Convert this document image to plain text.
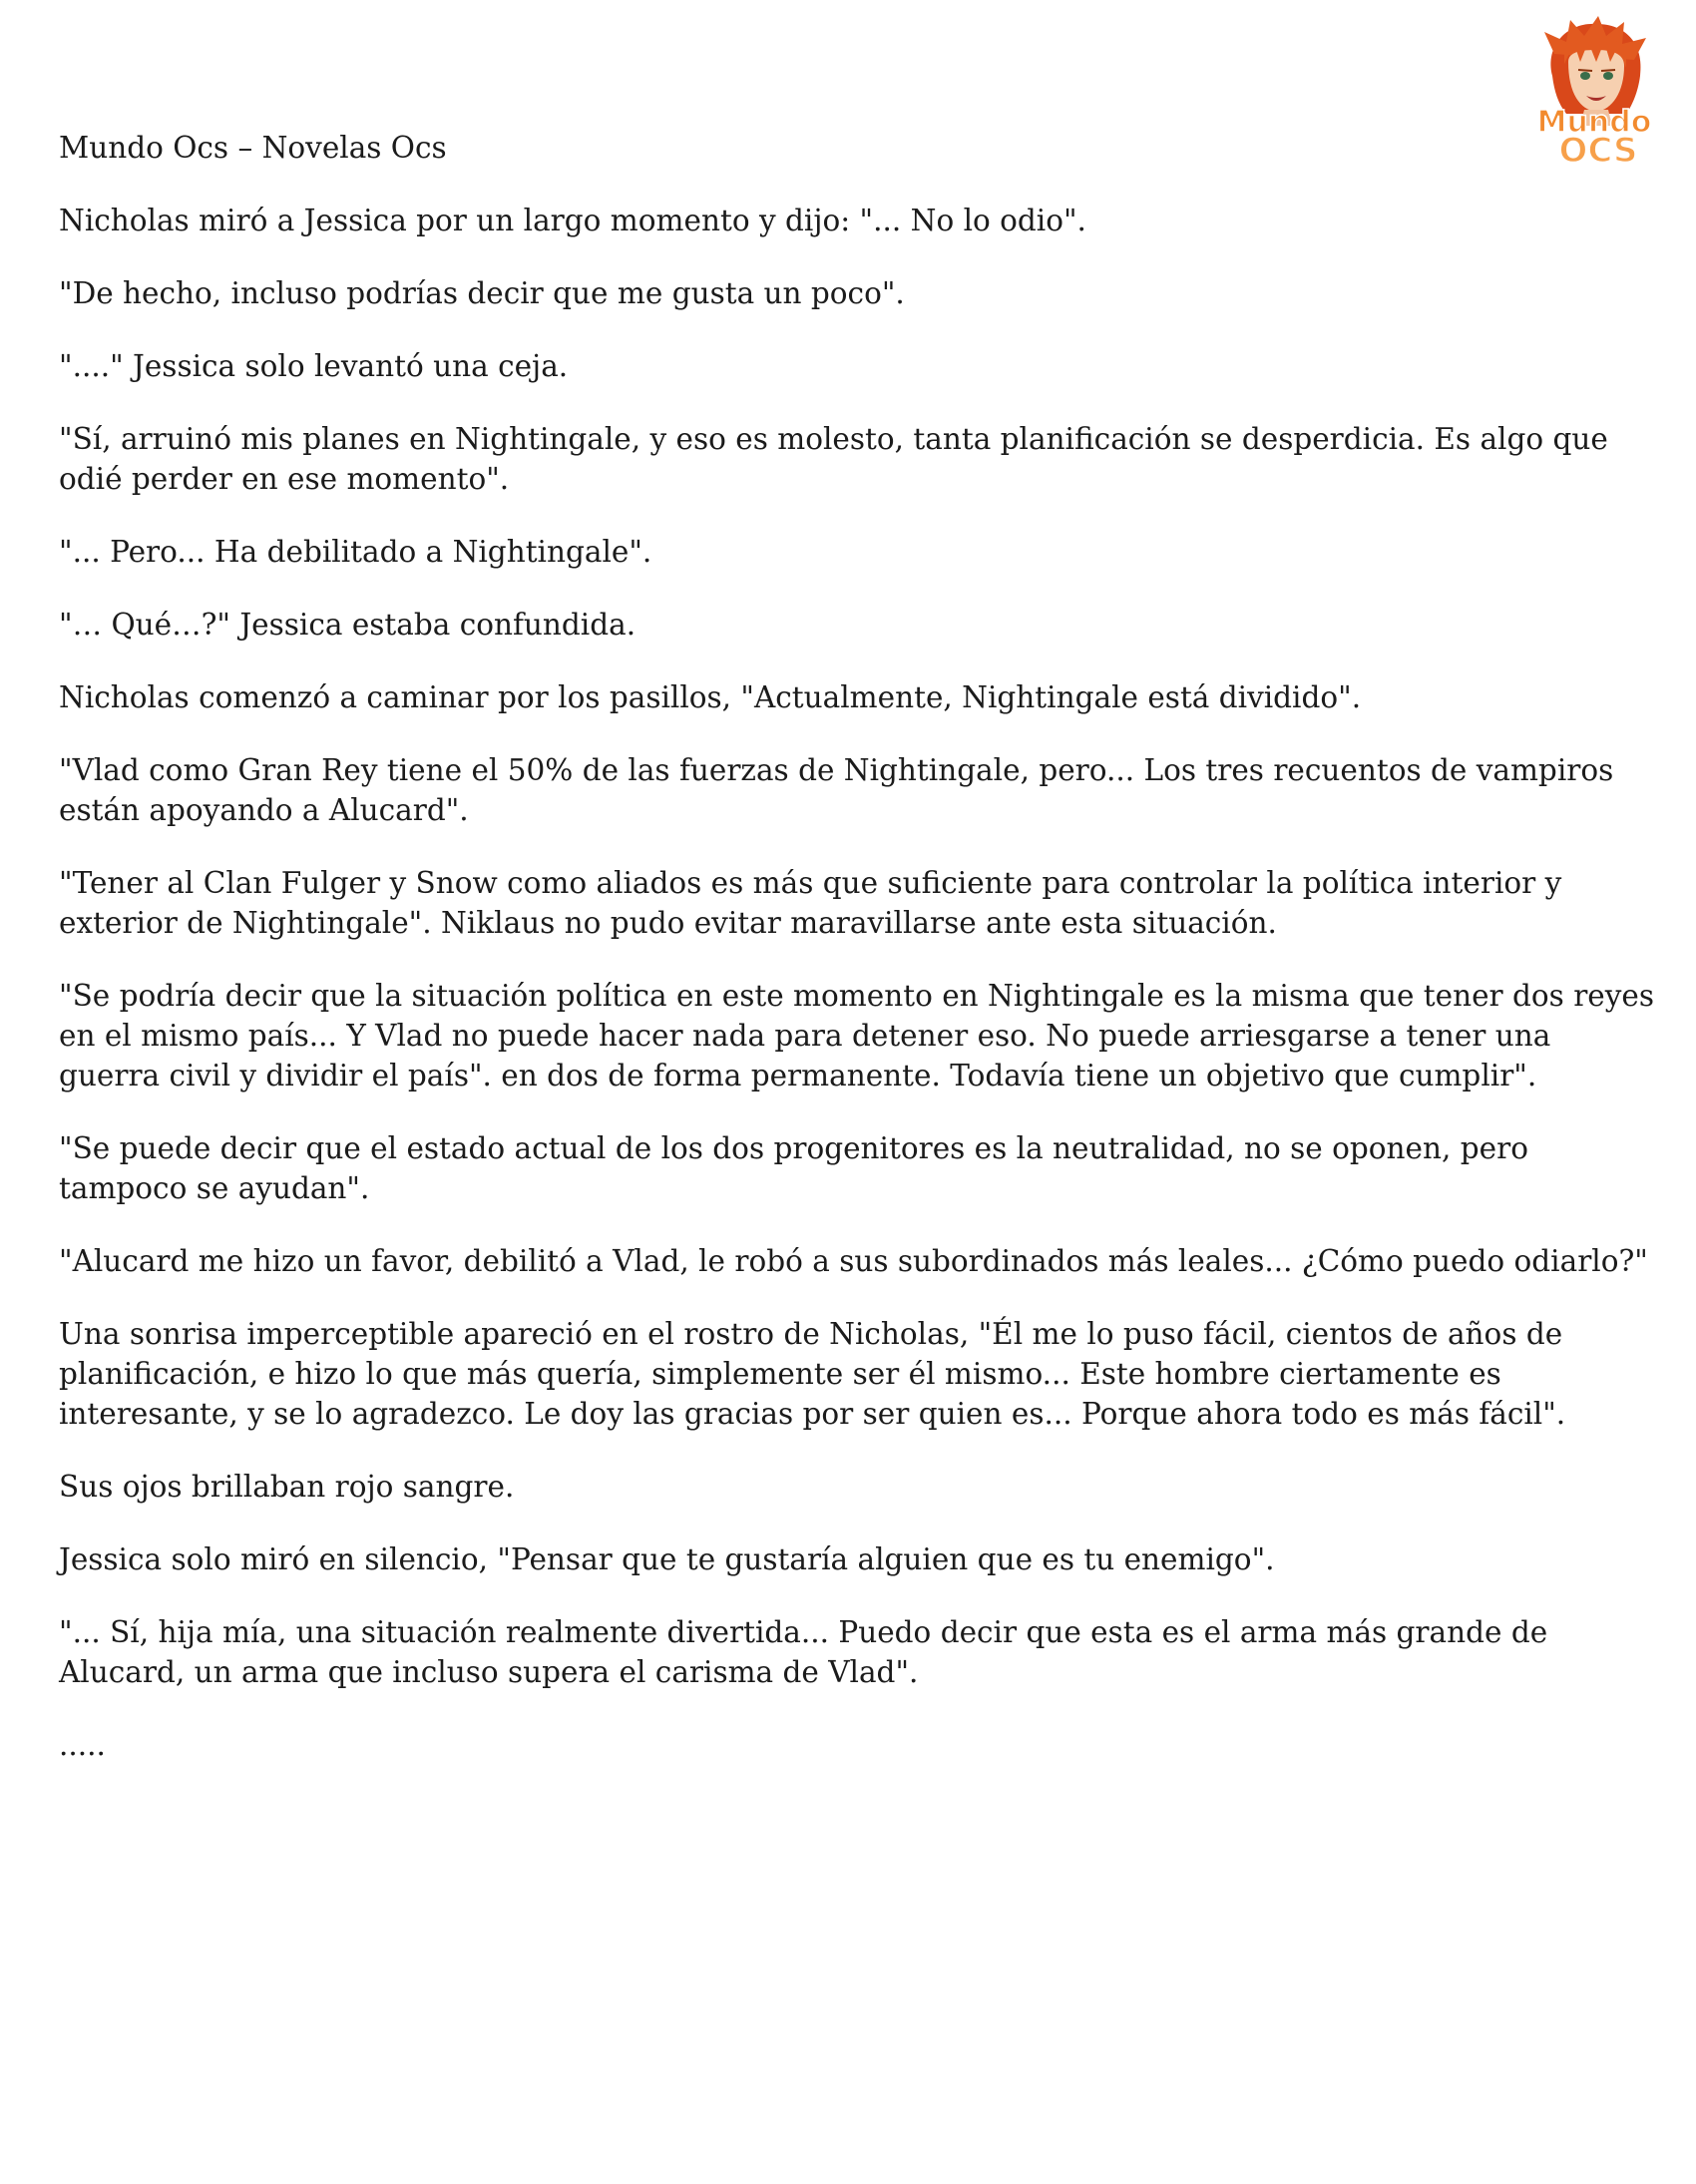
Mundo
OCS

Mundo Ocs – Novelas Ocs

Nicholas miró a Jessica por un largo momento y dijo: "... No lo odio".

"De hecho, incluso podrías decir que me gusta un poco".

"...." Jessica solo levantó una ceja.

"Sí, arruinó mis planes en Nightingale, y eso es molesto, tanta planificación se desperdicia. Es algo que odié perder en ese momento".

"... Pero... Ha debilitado a Nightingale".

"… Qué…?" Jessica estaba confundida.

Nicholas comenzó a caminar por los pasillos, "Actualmente, Nightingale está dividido".

"Vlad como Gran Rey tiene el 50% de las fuerzas de Nightingale, pero... Los tres recuentos de vampiros están apoyando a Alucard".

"Tener al Clan Fulger y Snow como aliados es más que suficiente para controlar la política interior y exterior de Nightingale". Niklaus no pudo evitar maravillarse ante esta situación.

"Se podría decir que la situación política en este momento en Nightingale es la misma que tener dos reyes en el mismo país... Y Vlad no puede hacer nada para detener eso. No puede arriesgarse a tener una guerra civil y dividir el país". en dos de forma permanente. Todavía tiene un objetivo que cumplir".

"Se puede decir que el estado actual de los dos progenitores es la neutralidad, no se oponen, pero tampoco se ayudan".

"Alucard me hizo un favor, debilitó a Vlad, le robó a sus subordinados más leales... ¿Cómo puedo odiarlo?"

Una sonrisa imperceptible apareció en el rostro de Nicholas, "Él me lo puso fácil, cientos de años de planificación, e hizo lo que más quería, simplemente ser él mismo... Este hombre ciertamente es interesante, y se lo agradezco. Le doy las gracias por ser quien es... Porque ahora todo es más fácil".

Sus ojos brillaban rojo sangre.

Jessica solo miró en silencio, "Pensar que te gustaría alguien que es tu enemigo".

"... Sí, hija mía, una situación realmente divertida... Puedo decir que esta es el arma más grande de Alucard, un arma que incluso supera el carisma de Vlad".

.....
